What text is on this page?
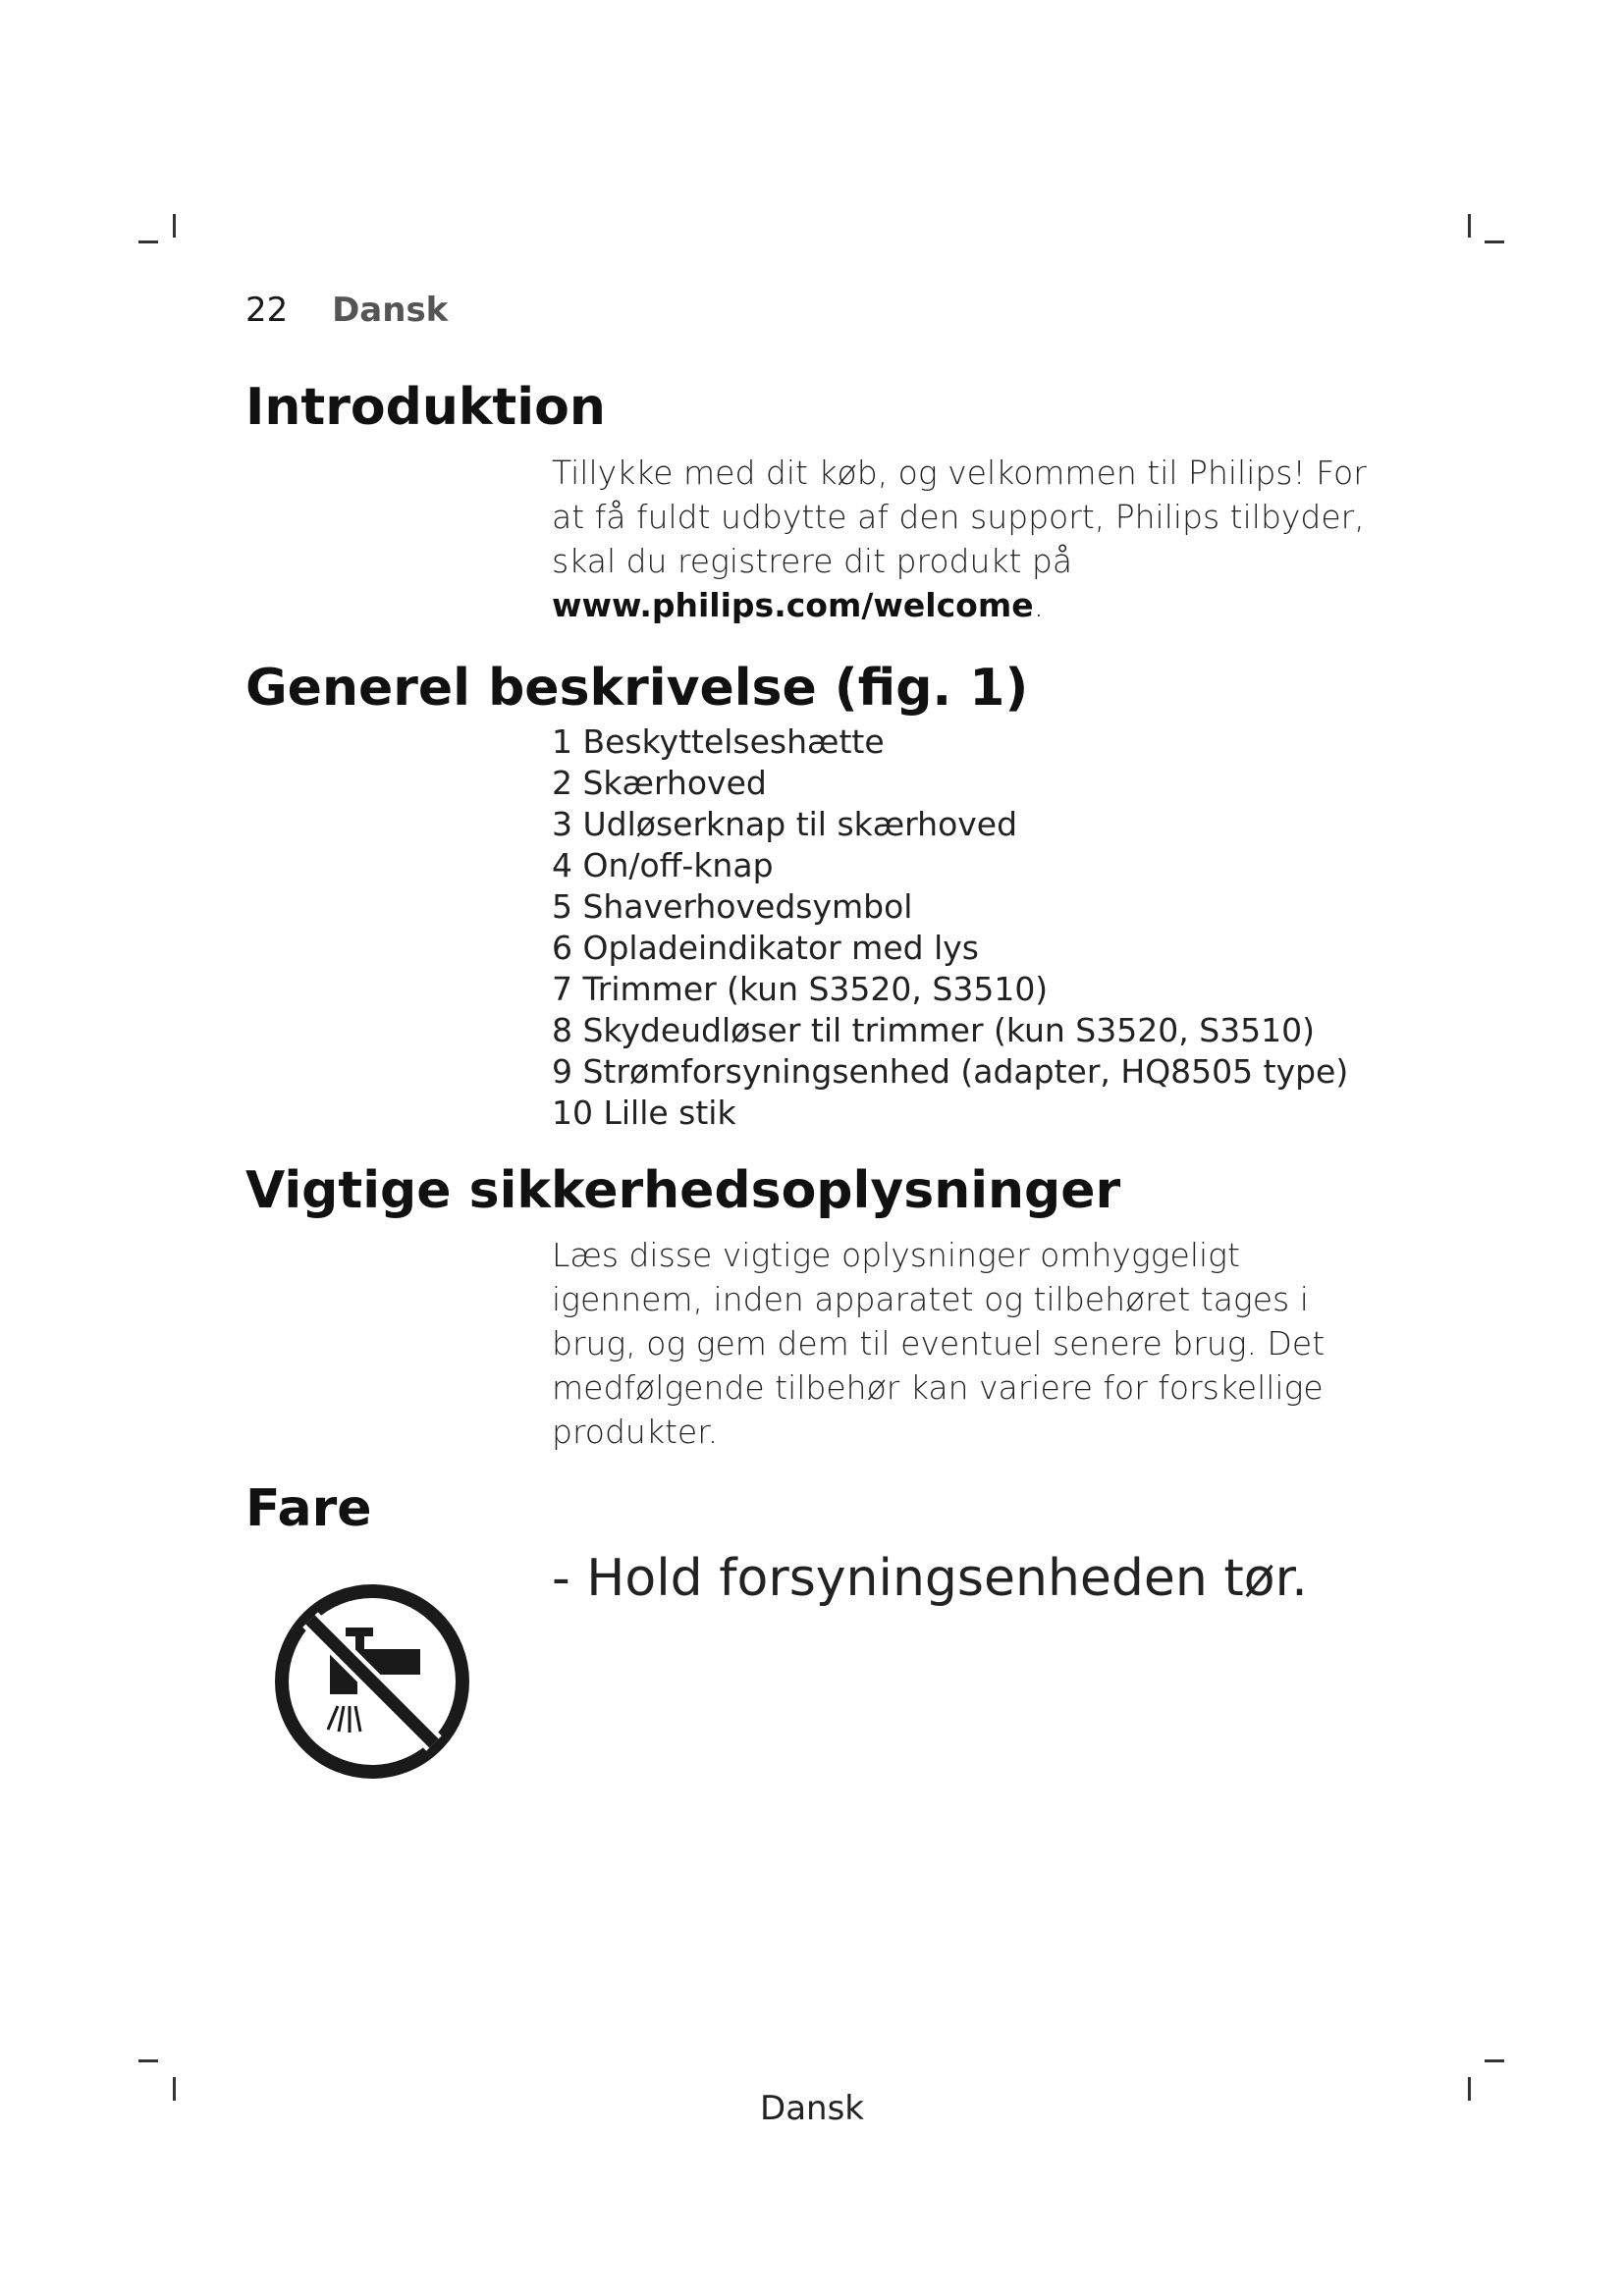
22 Dansk
Introduktion
Tillykke med dit køb, og velkommen til Philips! For at få fuldt udbytte af den support, Philips tilbyder, skal du registrere dit produkt på www.philips.com/welcome.
Generel beskrivelse (fig. 1)
1 Beskyttelseshætte
2 Skærhoved
3 Udløserknap til skærhoved
4 On/off-knap
5 Shaverhovedsymbol
6 Opladeindikator med lys
7 Trimmer (kun S3520, S3510)
8 Skydeudløser til trimmer (kun S3520, S3510)
9 Strømforsyningsenhed (adapter, HQ8505 type)
10 Lille stik
Vigtige sikkerhedsoplysninger
Læs disse vigtige oplysninger omhyggeligt igennem, inden apparatet og tilbehøret tages i brug, og gem dem til eventuel senere brug. Det medfølgende tilbehør kan variere for forskellige produkter.
Fare
- Hold forsyningsenheden tør.
Dansk
